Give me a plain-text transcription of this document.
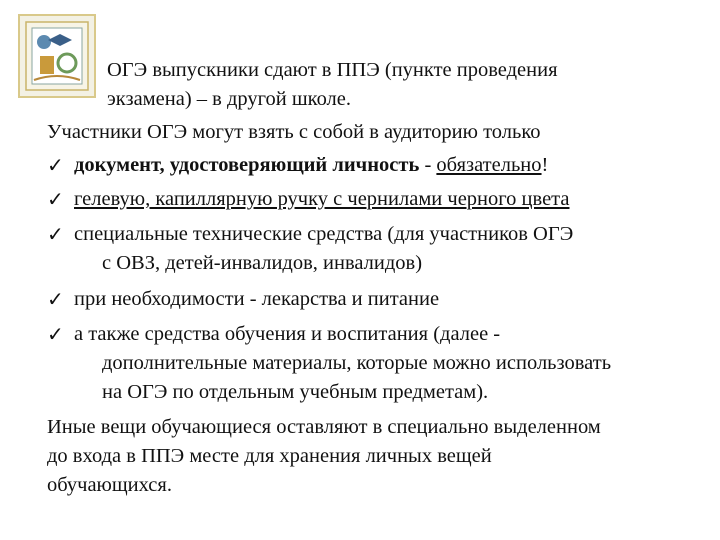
ОГЭ выпускники сдают в ППЭ (пункте проведения
экзамена) – в другой школе.
Участники ОГЭ могут взять с собой в аудиторию только
✓ документ, удостоверяющий личность - обязательно!
✓ гелевую, капиллярную ручку с чернилами черного цвета
✓ специальные технические средства (для участников ОГЭ
с ОВЗ, детей-инвалидов, инвалидов)
✓ при необходимости - лекарства и питание
✓ а также средства обучения и воспитания (далее -
дополнительные материалы, которые можно использовать
на ОГЭ по отдельным учебным предметам).
Иные вещи обучающиеся оставляют в специально выделенном
до входа в ППЭ месте для хранения личных вещей
обучающихся.
